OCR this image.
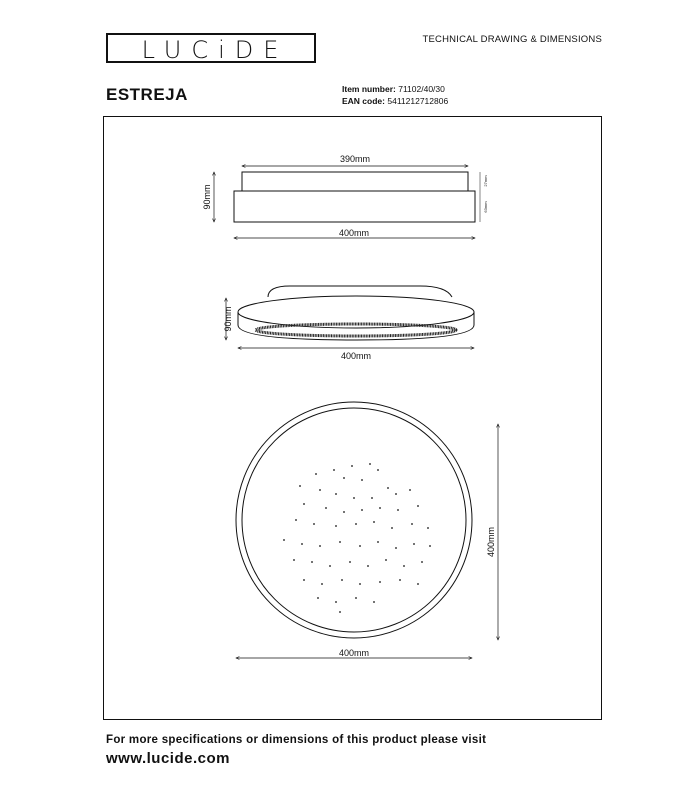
LUCiDE	TECHNICAL DRAWING & DIMENSIONS
ESTREJA	Item number: 71102/40/30
EAN code: 5411212712806
390mm
90mm
400mm
27mm
63mm
90mm
400mm
400mm
400mm
For more specifications or dimensions of this product please visit
www.lucide.com
